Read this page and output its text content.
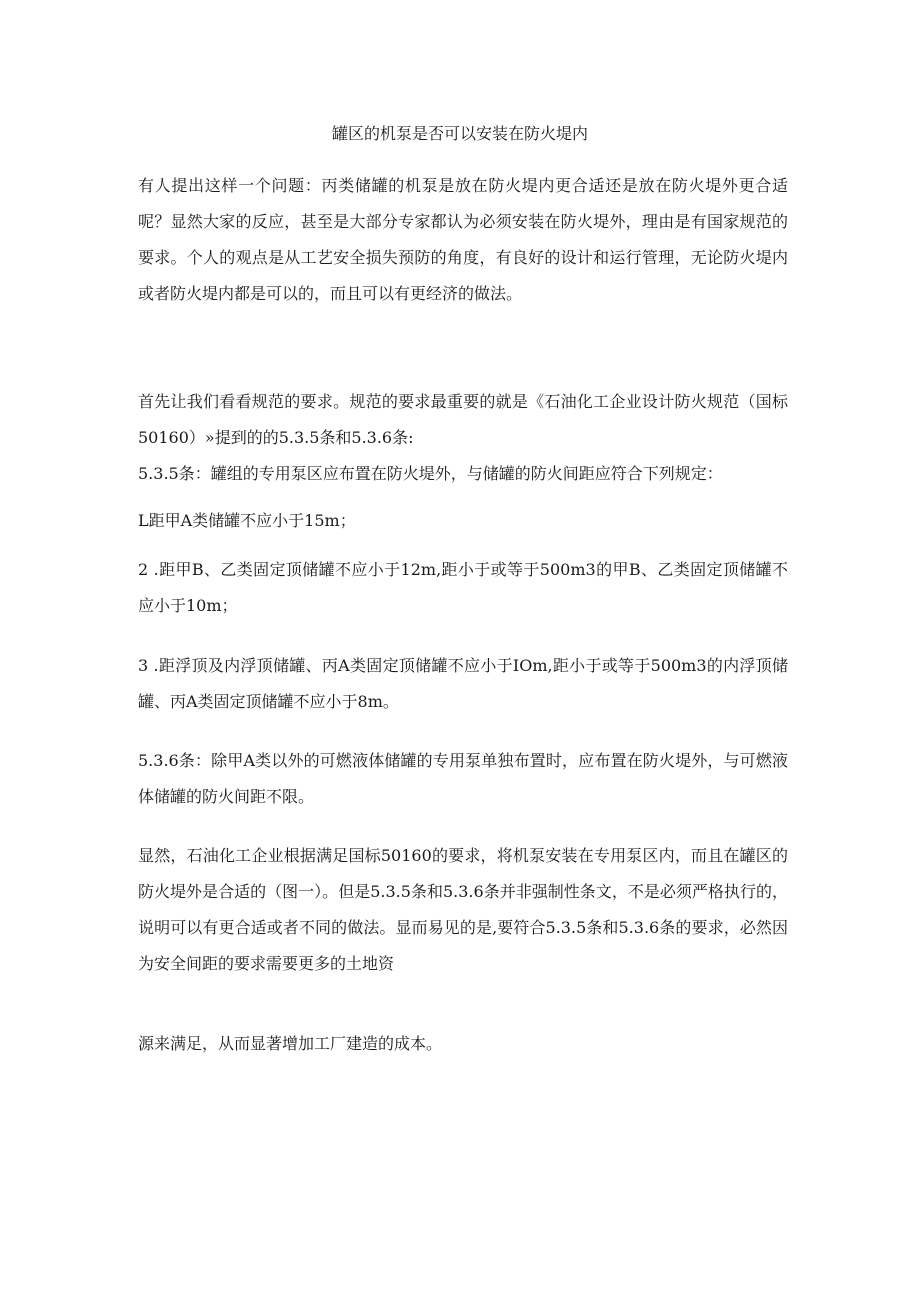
罐区的机泵是否可以安装在防火堤内

有人提出这样一个问题：丙类储罐的机泵是放在防火堤内更合适还是放在防火堤外更合适呢？显然大家的反应，甚至是大部分专家都认为必须安装在防火堤外，理由是有国家规范的要求。个人的观点是从工艺安全损失预防的角度，有良好的设计和运行管理，无论防火堤内或者防火堤内都是可以的，而且可以有更经济的做法。

首先让我们看看规范的要求。规范的要求最重要的就是《石油化工企业设计防火规范（国标50160）»提到的的5.3.5条和5.3.6条:

5.3.5条：罐组的专用泵区应布置在防火堤外，与储罐的防火间距应符合下列规定：

L距甲A类储罐不应小于15m；

2 .距甲B、乙类固定顶储罐不应小于12m,距小于或等于500m3的甲B、乙类固定顶储罐不应小于10m；

3 .距浮顶及内浮顶储罐、丙A类固定顶储罐不应小于IOm,距小于或等于500m3的内浮顶储罐、丙A类固定顶储罐不应小于8m。

5.3.6条：除甲A类以外的可燃液体储罐的专用泵单独布置时，应布置在防火堤外，与可燃液体储罐的防火间距不限。

显然，石油化工企业根据满足国标50160的要求，将机泵安装在专用泵区内，而且在罐区的防火堤外是合适的（图一）。但是5.3.5条和5.3.6条并非强制性条文，不是必须严格执行的，说明可以有更合适或者不同的做法。显而易见的是,要符合5.3.5条和5.3.6条的要求，必然因为安全间距的要求需要更多的土地资

源来满足，从而显著增加工厂建造的成本。
